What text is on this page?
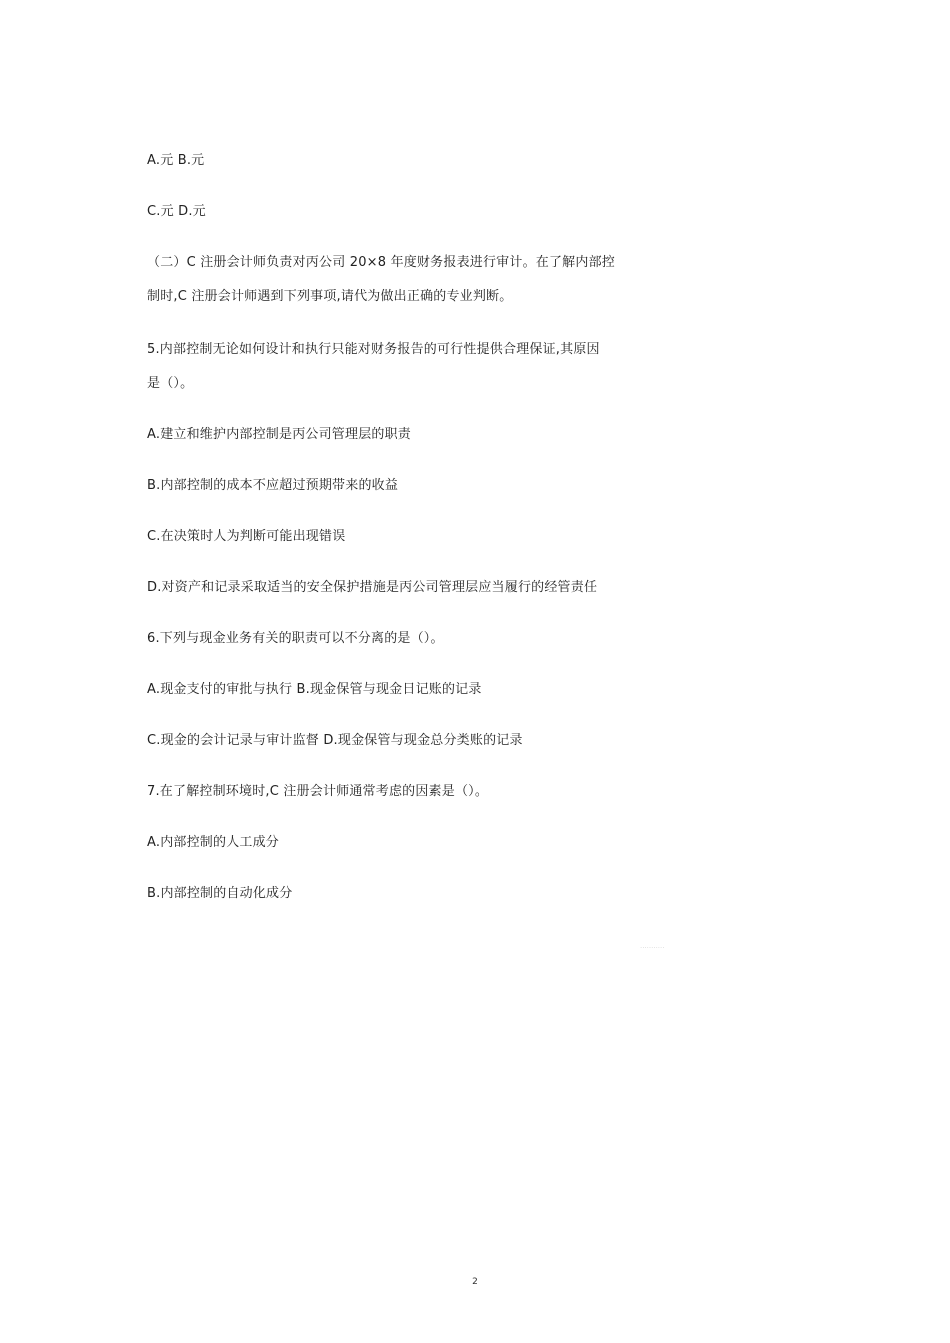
A.元 B.元
C.元 D.元
（二）C 注册会计师负责对丙公司 20×8 年度财务报表进行审计。在了解内部控
制时,C 注册会计师遇到下列事项,请代为做出正确的专业判断。
5.内部控制无论如何设计和执行只能对财务报告的可行性提供合理保证,其原因
是（）。
A.建立和维护内部控制是丙公司管理层的职责
B.内部控制的成本不应超过预期带来的收益
C.在决策时人为判断可能出现错误
D.对资产和记录采取适当的安全保护措施是丙公司管理层应当履行的经管责任
6.下列与现金业务有关的职责可以不分离的是（）。
A.现金支付的审批与执行 B.现金保管与现金日记账的记录
C.现金的会计记录与审计监督 D.现金保管与现金总分类账的记录
7.在了解控制环境时,C 注册会计师通常考虑的因素是（）。
A.内部控制的人工成分
B.内部控制的自动化成分
...........
2
